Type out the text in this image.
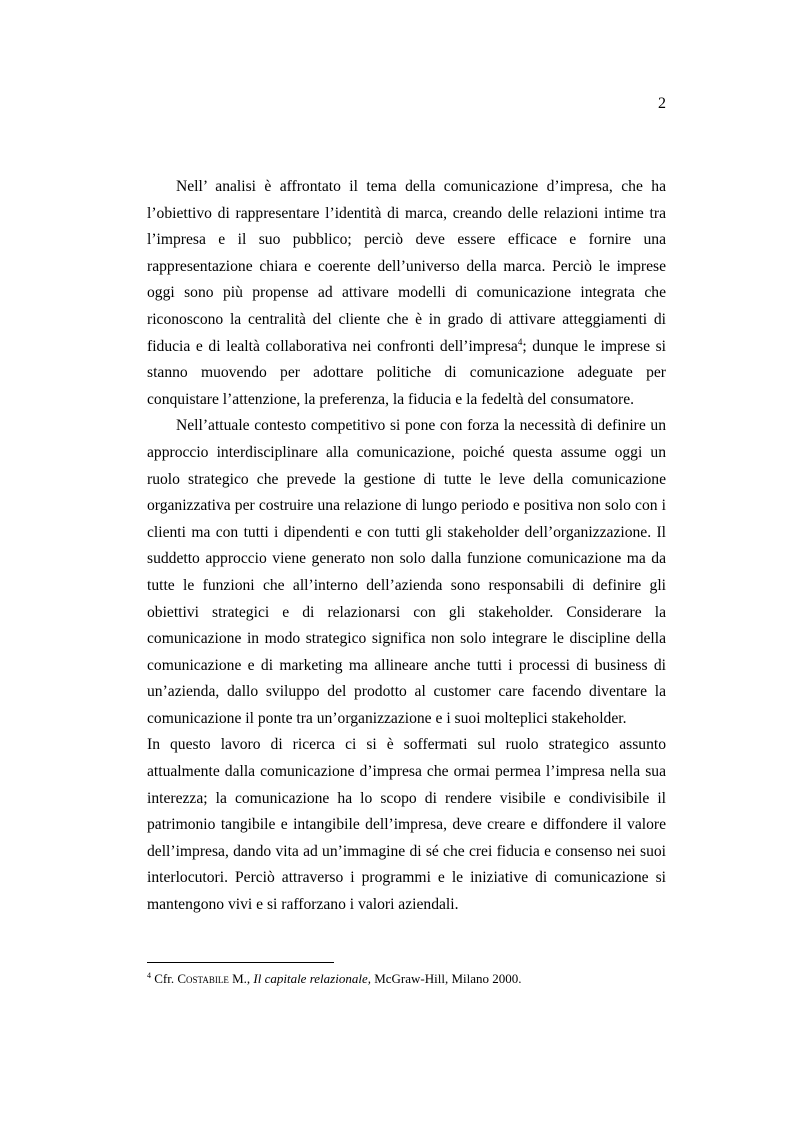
2

Nell’ analisi è affrontato il tema della comunicazione d’impresa, che ha l’obiettivo di rappresentare l’identità di marca, creando delle relazioni intime tra l’impresa e il suo pubblico; perciò deve essere efficace e fornire una rappresentazione chiara e coerente dell’universo della marca. Perciò le imprese oggi sono più propense ad attivare modelli di comunicazione integrata che riconoscono la centralità del cliente che è in grado di attivare atteggiamenti di fiducia e di lealtà collaborativa nei confronti dell’impresa$^4$; dunque le imprese si stanno muovendo per adottare politiche di comunicazione adeguate per conquistare l’attenzione, la preferenza, la fiducia e la fedeltà del consumatore.

Nell’attuale contesto competitivo si pone con forza la necessità di definire un approccio interdisciplinare alla comunicazione, poiché questa assume oggi un ruolo strategico che prevede la gestione di tutte le leve della comunicazione organizzativa per costruire una relazione di lungo periodo e positiva non solo con i clienti ma con tutti i dipendenti e con tutti gli stakeholder dell’organizzazione. Il suddetto approccio viene generato non solo dalla funzione comunicazione ma da tutte le funzioni che all’interno dell’azienda sono responsabili di definire gli obiettivi strategici e di relazionarsi con gli stakeholder. Considerare la comunicazione in modo strategico significa non solo integrare le discipline della comunicazione e di marketing ma allineare anche tutti i processi di business di un’azienda, dallo sviluppo del prodotto al customer care facendo diventare la comunicazione il ponte tra un’organizzazione e i suoi molteplici stakeholder.

In questo lavoro di ricerca ci si è soffermati sul ruolo strategico assunto attualmente dalla comunicazione d’impresa che ormai permea l’impresa nella sua interezza; la comunicazione ha lo scopo di rendere visibile e condivisibile il patrimonio tangibile e intangibile dell’impresa, deve creare e diffondere il valore dell’impresa, dando vita ad un’immagine di sé che crei fiducia e consenso nei suoi interlocutori. Perciò attraverso i programmi e le iniziative di comunicazione si mantengono vivi e si rafforzano i valori aziendali.

$^4$ Cfr. Costabile M., Il capitale relazionale, McGraw-Hill, Milano 2000.
